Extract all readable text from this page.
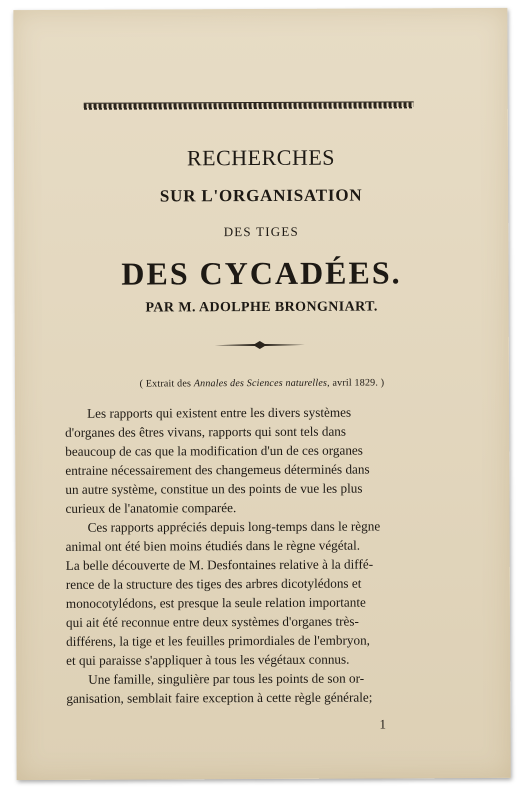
RECHERCHES
SUR L'ORGANISATION
DES TIGES
DES CYCADÉES.
PAR M. ADOLPHE BRONGNIART.
( Extrait des Annales des Sciences naturelles, avril 1829. )
Les rapports qui existent entre les divers systèmes
d'organes des êtres vivans, rapports qui sont tels dans
beaucoup de cas que la modification d'un de ces organes
entraine nécessairement des changemeus déterminés dans
un autre système, constitue un des points de vue les plus
curieux de l'anatomie comparée.
Ces rapports appréciés depuis long-temps dans le règne
animal ont été bien moins étudiés dans le règne végétal.
La belle découverte de M. Desfontaines relative à la diffé-
rence de la structure des tiges des arbres dicotylédons et
monocotylédons, est presque la seule relation importante
qui ait été reconnue entre deux systèmes d'organes très-
différens, la tige et les feuilles primordiales de l'embryon,
et qui paraisse s'appliquer à tous les végétaux connus.
Une famille, singulière par tous les points de son or-
ganisation, semblait faire exception à cette règle générale;
1
